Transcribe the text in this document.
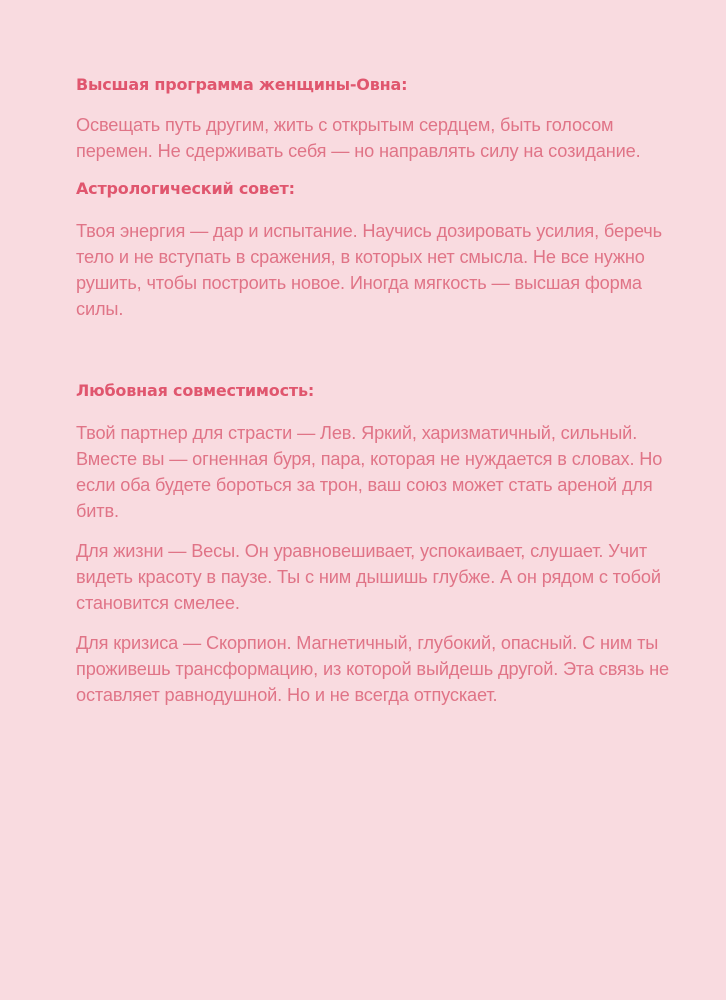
Высшая программа женщины-Овна:

Освещать путь другим, жить с открытым сердцем, быть голосом перемен. Не сдерживать себя — но направлять силу на созидание.

Астрологический совет:

Твоя энергия — дар и испытание. Научись дозировать усилия, беречь тело и не вступать в сражения, в которых нет смысла. Не все нужно рушить, чтобы построить новое. Иногда мягкость — высшая форма силы.

Любовная совместимость:

Твой партнер для страсти — Лев. Яркий, харизматичный, сильный. Вместе вы — огненная буря, пара, которая не нуждается в словах. Но если оба будете бороться за трон, ваш союз может стать ареной для битв.

Для жизни — Весы. Он уравновешивает, успокаивает, слушает. Учит видеть красоту в паузе. Ты с ним дышишь глубже. А он рядом с тобой становится смелее.

Для кризиса — Скорпион. Магнетичный, глубокий, опасный. С ним ты проживешь трансформацию, из которой выйдешь другой. Эта связь не оставляет равнодушной. Но и не всегда отпускает.
